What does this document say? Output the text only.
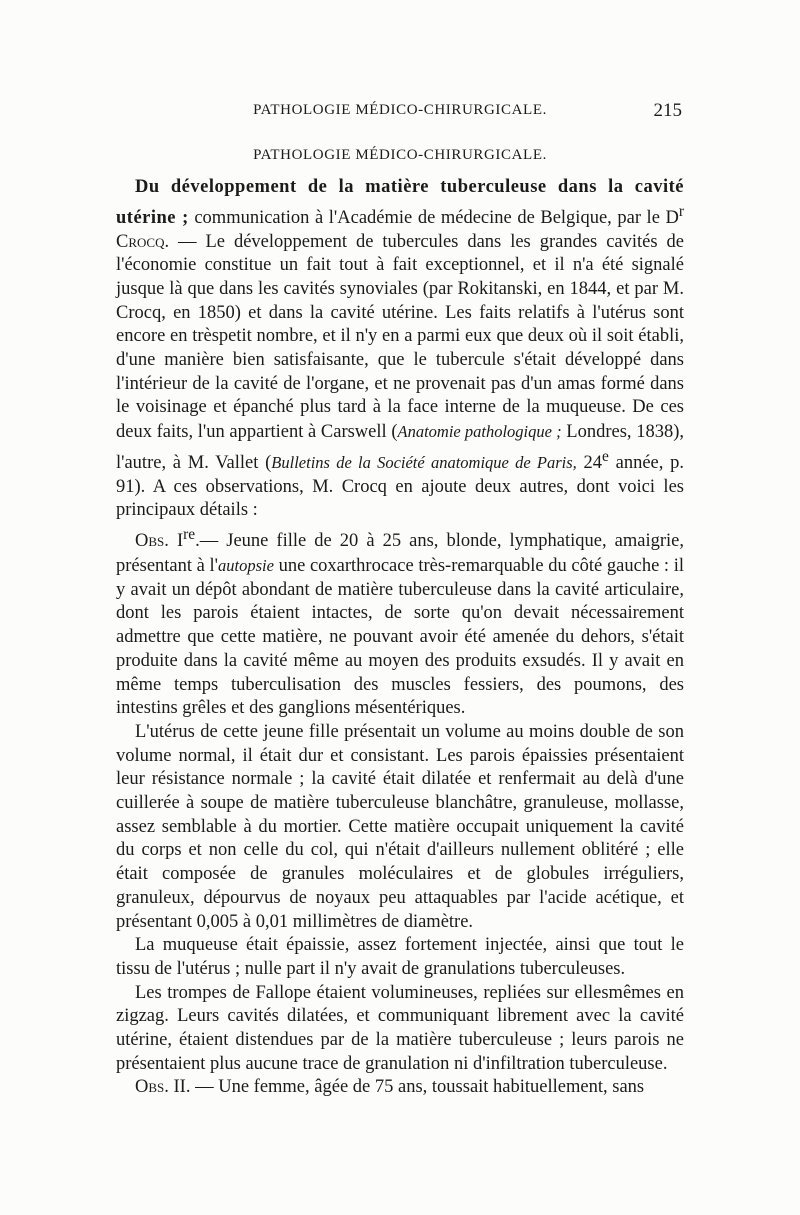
PATHOLOGIE MÉDICO-CHIRURGICALE.	215
PATHOLOGIE MÉDICO-CHIRURGICALE.

Du développement de la matière tuberculeuse dans la cavité utérine ; communication à l'Académie de médecine de Belgique, par le $D^r$ Crocq. — Le développement de tubercules dans les grandes cavités de l'économie constitue un fait tout à fait exceptionnel, et il n'a été signalé jusque là que dans les cavités synoviales (par Rokitanski, en 1844, et par M. Crocq, en 1850) et dans la cavité utérine. Les faits relatifs à l'utérus sont encore en trèspetit nombre, et il n'y en a parmi eux que deux où il soit établi, d'une manière bien satisfaisante, que le tubercule s'était développé dans l'intérieur de la cavité de l'organe, et ne provenait pas d'un amas formé dans le voisinage et épanché plus tard à la face interne de la muqueuse. De ces deux faits, l'un appartient à Carswell (Anatomie pathologique ; Londres, 1838), l'autre, à M. Vallet (Bulletins de la Société anatomique de Paris, 24e année, p. 91). A ces observations, M. Crocq en ajoute deux autres, dont voici les principaux détails :

Obs. Ire.— Jeune fille de 20 à 25 ans, blonde, lymphatique, amaigrie, présentant à l'autopsie une coxarthrocace très-remarquable du côté gauche : il y avait un dépôt abondant de matière tuberculeuse dans la cavité articulaire, dont les parois étaient intactes, de sorte qu'on devait nécessairement admettre que cette matière, ne pouvant avoir été amenée du dehors, s'était produite dans la cavité même au moyen des produits exsudés. Il y avait en même temps tuberculisation des muscles fessiers, des poumons, des intestins grêles et des ganglions mésentériques.

L'utérus de cette jeune fille présentait un volume au moins double de son volume normal, il était dur et consistant. Les parois épaissies présentaient leur résistance normale ; la cavité était dilatée et renfermait au delà d'une cuillerée à soupe de matière tuberculeuse blanchâtre, granuleuse, mollasse, assez semblable à du mortier. Cette matière occupait uniquement la cavité du corps et non celle du col, qui n'était d'ailleurs nullement oblitéré ; elle était composée de granules moléculaires et de globules irréguliers, granuleux, dépourvus de noyaux peu attaquables par l'acide acétique, et présentant 0,005 à 0,01 millimètres de diamètre.

La muqueuse était épaissie, assez fortement injectée, ainsi que tout le tissu de l'utérus ; nulle part il n'y avait de granulations tuberculeuses.

Les trompes de Fallope étaient volumineuses, repliées sur ellesmêmes en zigzag. Leurs cavités dilatées, et communiquant librement avec la cavité utérine, étaient distendues par de la matière tuberculeuse ; leurs parois ne présentaient plus aucune trace de granulation ni d'infiltration tuberculeuse.

Obs. II. — Une femme, âgée de 75 ans, toussait habituellement, sans
